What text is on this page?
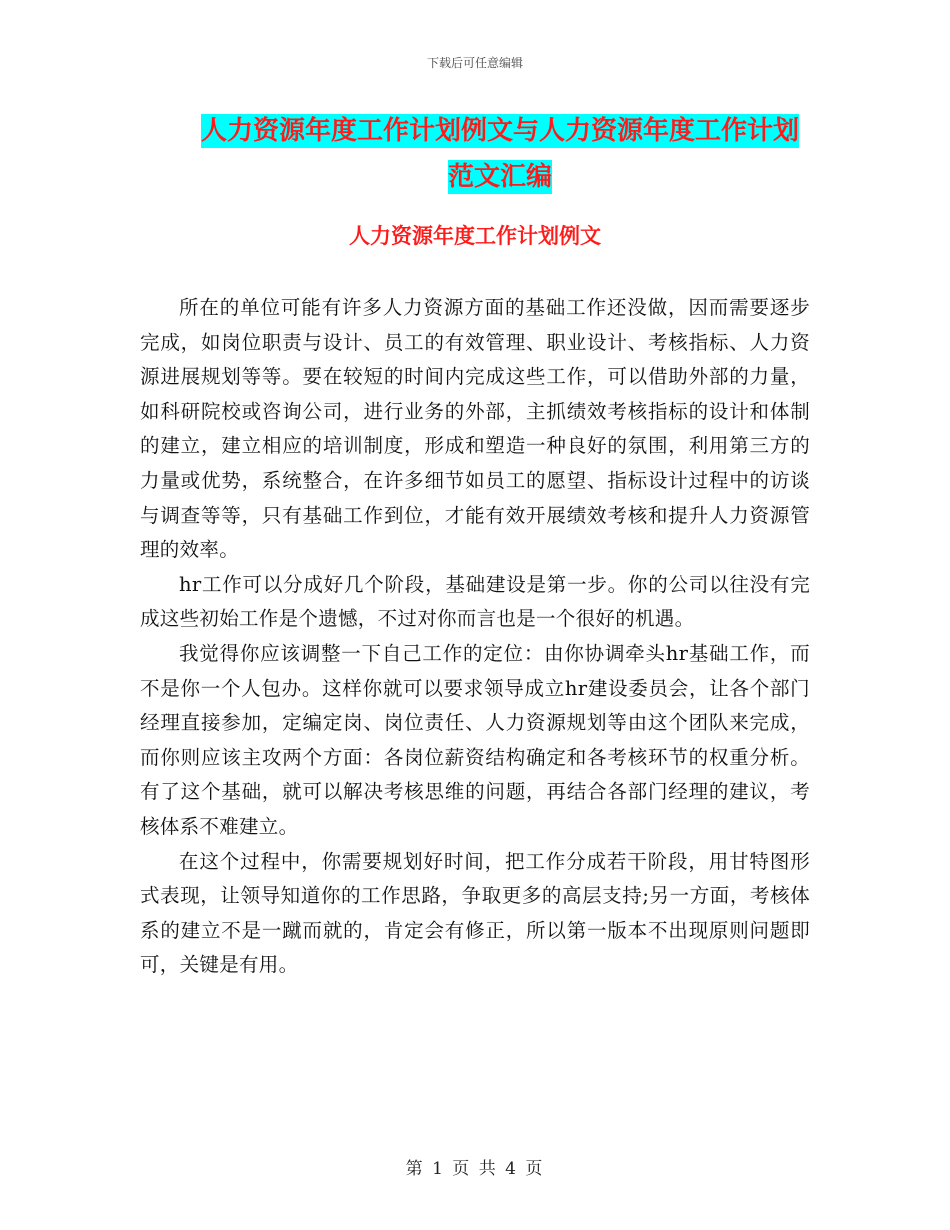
下载后可任意编辑
人力资源年度工作计划例文与人力资源年度工作计划
范文汇编
人力资源年度工作计划例文

所在的单位可能有许多人力资源方面的基础工作还没做，因而需要逐步完成，如岗位职责与设计、员工的有效管理、职业设计、考核指标、人力资源进展规划等等。要在较短的时间内完成这些工作，可以借助外部的力量，如科研院校或咨询公司，进行业务的外部，主抓绩效考核指标的设计和体制的建立，建立相应的培训制度，形成和塑造一种良好的氛围，利用第三方的力量或优势，系统整合，在许多细节如员工的愿望、指标设计过程中的访谈与调查等等，只有基础工作到位，才能有效开展绩效考核和提升人力资源管理的效率。

hr工作可以分成好几个阶段，基础建设是第一步。你的公司以往没有完成这些初始工作是个遗憾，不过对你而言也是一个很好的机遇。

我觉得你应该调整一下自己工作的定位：由你协调牵头hr基础工作，而不是你一个人包办。这样你就可以要求领导成立hr建设委员会，让各个部门经理直接参加，定编定岗、岗位责任、人力资源规划等由这个团队来完成，而你则应该主攻两个方面：各岗位薪资结构确定和各考核环节的权重分析。有了这个基础，就可以解决考核思维的问题，再结合各部门经理的建议，考核体系不难建立。

在这个过程中，你需要规划好时间，把工作分成若干阶段，用甘特图形式表现，让领导知道你的工作思路，争取更多的高层支持;另一方面，考核体系的建立不是一蹴而就的，肯定会有修正，所以第一版本不出现原则问题即可，关键是有用。

第 1 页 共 4 页
